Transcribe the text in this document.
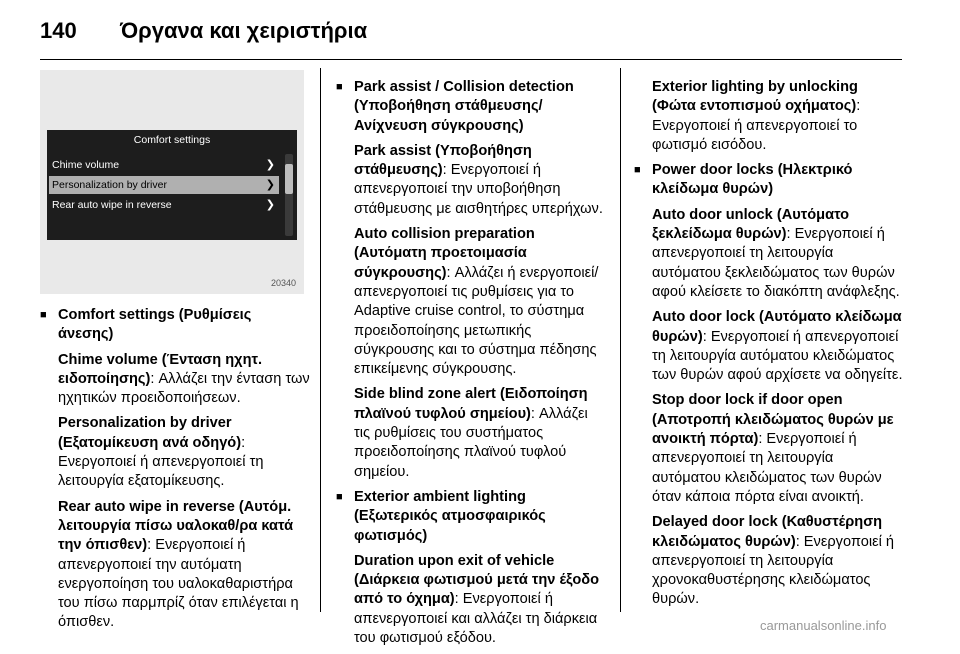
140	Όργανα και χειριστήρια
Comfort settings
Chime volume	❯
Personalization by driver	❯
Rear auto wipe in reverse	❯
20340
■ Comfort settings (Ρυθμίσεις άνεσης)

Chime volume (Ένταση ηχητ. ειδοποίησης): Αλλάζει την ένταση των ηχητικών προειδοποιήσεων.

Personalization by driver (Εξατομίκευση ανά οδηγό): Ενεργοποιεί ή απενεργοποιεί τη λειτουργία εξατομίκευσης.

Rear auto wipe in reverse (Αυτόμ. λειτουργία πίσω υαλοκαθ/ρα κατά την όπισθεν): Ενεργοποιεί ή απενεργοποιεί την αυτόματη ενεργοποίηση του υαλοκαθαριστήρα του πίσω παρμπρίζ όταν επιλέγεται η όπισθεν.

■ Park assist / Collision detection (Υποβοήθηση στάθμευσης/ Ανίχνευση σύγκρουσης)

Park assist (Υποβοήθηση στάθμευσης): Ενεργοποιεί ή απενεργοποιεί την υποβοήθηση στάθμευσης με αισθητήρες υπερήχων.

Auto collision preparation (Αυτόματη προετοιμασία σύγκρουσης): Αλλάζει ή ενεργοποιεί/απενεργοποιεί τις ρυθμίσεις για το Adaptive cruise control, το σύστημα προειδοποίησης μετωπικής σύγκρουσης και το σύστημα πέδησης επικείμενης σύγκρουσης.

Side blind zone alert (Ειδοποίηση πλαϊνού τυφλού σημείου): Αλλάζει τις ρυθμίσεις του συστήματος προειδοποίησης πλαϊνού τυφλού σημείου.

■ Exterior ambient lighting (Εξωτερικός ατμοσφαιρικός φωτισμός)

Duration upon exit of vehicle (Διάρκεια φωτισμού μετά την έξοδο από το όχημα): Ενεργοποιεί ή απενεργοποιεί και αλλάζει τη διάρκεια του φωτισμού εξόδου.

Exterior lighting by unlocking (Φώτα εντοπισμού οχήματος): Ενεργοποιεί ή απενεργοποιεί το φωτισμό εισόδου.

■ Power door locks (Ηλεκτρικό κλείδωμα θυρών)

Auto door unlock (Αυτόματο ξεκλείδωμα θυρών): Ενεργοποιεί ή απενεργοποιεί τη λειτουργία αυτόματου ξεκλειδώματος των θυρών αφού κλείσετε το διακόπτη ανάφλεξης.

Auto door lock (Αυτόματο κλείδωμα θυρών): Ενεργοποιεί ή απενεργοποιεί τη λειτουργία αυτόματου κλειδώματος των θυρών αφού αρχίσετε να οδηγείτε.

Stop door lock if door open (Αποτροπή κλειδώματος θυρών με ανοικτή πόρτα): Ενεργοποιεί ή απενεργοποιεί τη λειτουργία αυτόματου κλειδώματος των θυρών όταν κάποια πόρτα είναι ανοικτή.

Delayed door lock (Καθυστέρηση κλειδώματος θυρών): Ενεργοποιεί ή απενεργοποιεί τη λειτουργία χρονοκαθυστέρησης κλειδώματος θυρών.

carmanualsonline.info
